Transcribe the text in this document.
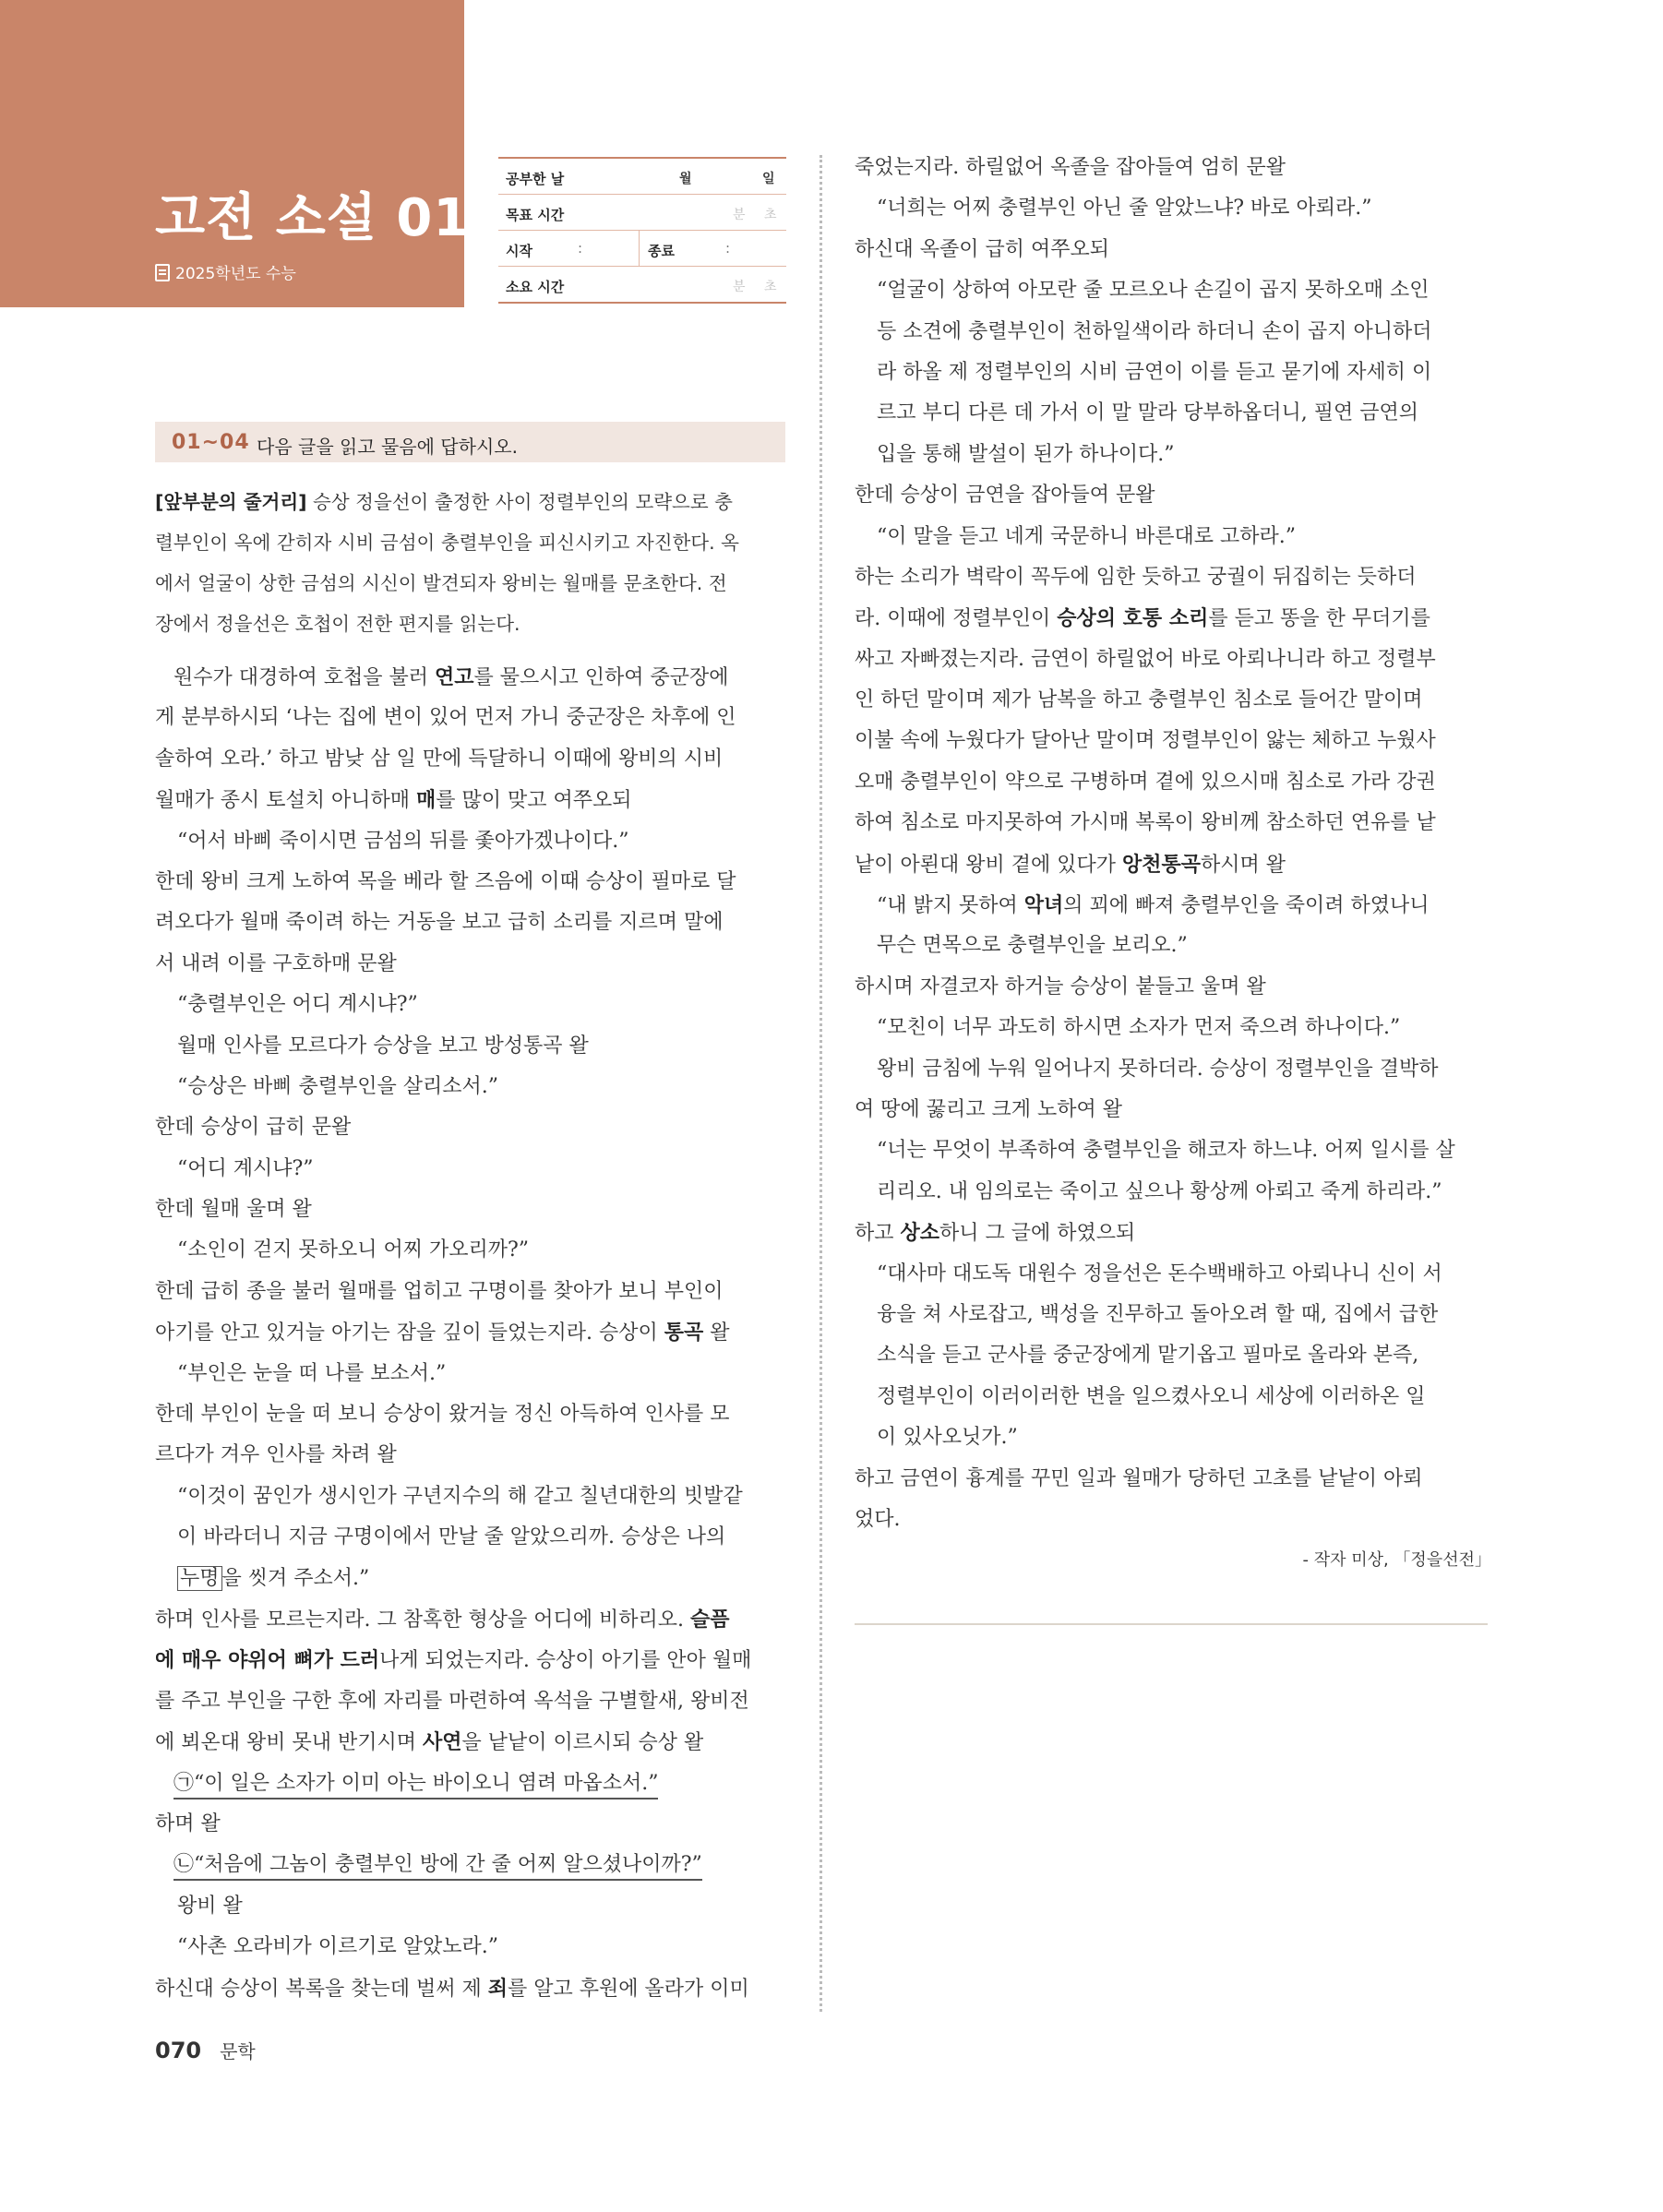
고전 소설 01
2025학년도 수능
공부한 날	월	일
목표 시간	분 초
시작	:	종료	:
소요 시간	분 초
01~04 다음 글을 읽고 물음에 답하시오.
[앞부분의 줄거리] 승상 정을선이 출정한 사이 정렬부인의 모략으로 충
렬부인이 옥에 갇히자 시비 금섬이 충렬부인을 피신시키고 자진한다. 옥
에서 얼굴이 상한 금섬의 시신이 발견되자 왕비는 월매를 문초한다. 전
장에서 정을선은 호첩이 전한 편지를 읽는다.
원수가 대경하여 호첩을 불러 연고를 물으시고 인하여 중군장에
게 분부하시되 ‘나는 집에 변이 있어 먼저 가니 중군장은 차후에 인
솔하여 오라.’ 하고 밤낮 삼 일 만에 득달하니 이때에 왕비의 시비
월매가 종시 토설치 아니하매 매를 많이 맞고 여쭈오되
“어서 바삐 죽이시면 금섬의 뒤를 좇아가겠나이다.”
한데 왕비 크게 노하여 목을 베라 할 즈음에 이때 승상이 필마로 달
려오다가 월매 죽이려 하는 거동을 보고 급히 소리를 지르며 말에
서 내려 이를 구호하매 문왈
“충렬부인은 어디 계시냐?”
월매 인사를 모르다가 승상을 보고 방성통곡 왈
“승상은 바삐 충렬부인을 살리소서.”
한데 승상이 급히 문왈
“어디 계시냐?”
한데 월매 울며 왈
“소인이 걷지 못하오니 어찌 가오리까?”
한데 급히 종을 불러 월매를 업히고 구명이를 찾아가 보니 부인이
아기를 안고 있거늘 아기는 잠을 깊이 들었는지라. 승상이 통곡 왈
“부인은 눈을 떠 나를 보소서.”
한데 부인이 눈을 떠 보니 승상이 왔거늘 정신 아득하여 인사를 모
르다가 겨우 인사를 차려 왈
“이것이 꿈인가 생시인가 구년지수의 해 같고 칠년대한의 빗발같
이 바라더니 지금 구명이에서 만날 줄 알았으리까. 승상은 나의
누명 을 씻겨 주소서.”
하며 인사를 모르는지라. 그 참혹한 형상을 어디에 비하리오. 슬픔
에 매우 야위어 뼈가 드러나게 되었는지라. 승상이 아기를 안아 월매
를 주고 부인을 구한 후에 자리를 마련하여 옥석을 구별할새, 왕비전
에 뵈온대 왕비 못내 반기시며 사연을 낱낱이 이르시되 승상 왈
㉠“이 일은 소자가 이미 아는 바이오니 염려 마옵소서.”
하며 왈
㉡“처음에 그놈이 충렬부인 방에 간 줄 어찌 알으셨나이까?”
왕비 왈
“사촌 오라비가 이르기로 알았노라.”
하신대 승상이 복록을 찾는데 벌써 제 죄를 알고 후원에 올라가 이미
죽었는지라. 하릴없어 옥졸을 잡아들여 엄히 문왈
“너희는 어찌 충렬부인 아닌 줄 알았느냐? 바로 아뢰라.”
하신대 옥졸이 급히 여쭈오되
“얼굴이 상하여 아모란 줄 모르오나 손길이 곱지 못하오매 소인
등 소견에 충렬부인이 천하일색이라 하더니 손이 곱지 아니하더
라 하올 제 정렬부인의 시비 금연이 이를 듣고 묻기에 자세히 이
르고 부디 다른 데 가서 이 말 말라 당부하옵더니, 필연 금연의
입을 통해 발설이 된가 하나이다.”
한데 승상이 금연을 잡아들여 문왈
“이 말을 듣고 네게 국문하니 바른대로 고하라.”
하는 소리가 벽락이 꼭두에 임한 듯하고 궁궐이 뒤집히는 듯하더
라. 이때에 정렬부인이 승상의 호통 소리를 듣고 똥을 한 무더기를
싸고 자빠졌는지라. 금연이 하릴없어 바로 아뢰나니라 하고 정렬부
인 하던 말이며 제가 남복을 하고 충렬부인 침소로 들어간 말이며
이불 속에 누웠다가 달아난 말이며 정렬부인이 앓는 체하고 누웠사
오매 충렬부인이 약으로 구병하며 곁에 있으시매 침소로 가라 강권
하여 침소로 마지못하여 가시매 복록이 왕비께 참소하던 연유를 낱
낱이 아뢴대 왕비 곁에 있다가 앙천통곡하시며 왈
“내 밝지 못하여 악녀의 꾀에 빠져 충렬부인을 죽이려 하였나니
무슨 면목으로 충렬부인을 보리오.”
하시며 자결코자 하거늘 승상이 붙들고 울며 왈
“모친이 너무 과도히 하시면 소자가 먼저 죽으려 하나이다.”
왕비 금침에 누워 일어나지 못하더라. 승상이 정렬부인을 결박하
여 땅에 꿇리고 크게 노하여 왈
“너는 무엇이 부족하여 충렬부인을 해코자 하느냐. 어찌 일시를 살
리리오. 내 임의로는 죽이고 싶으나 황상께 아뢰고 죽게 하리라.”
하고 상소하니 그 글에 하였으되
“대사마 대도독 대원수 정을선은 돈수백배하고 아뢰나니 신이 서
융을 쳐 사로잡고, 백성을 진무하고 돌아오려 할 때, 집에서 급한
소식을 듣고 군사를 중군장에게 맡기옵고 필마로 올라와 본즉,
정렬부인이 이러이러한 변을 일으켰사오니 세상에 이러하온 일
이 있사오닛가.”
하고 금연이 흉계를 꾸민 일과 월매가 당하던 고초를 낱낱이 아뢰
었다.
- 작자 미상, 「정을선전」
070 문학
